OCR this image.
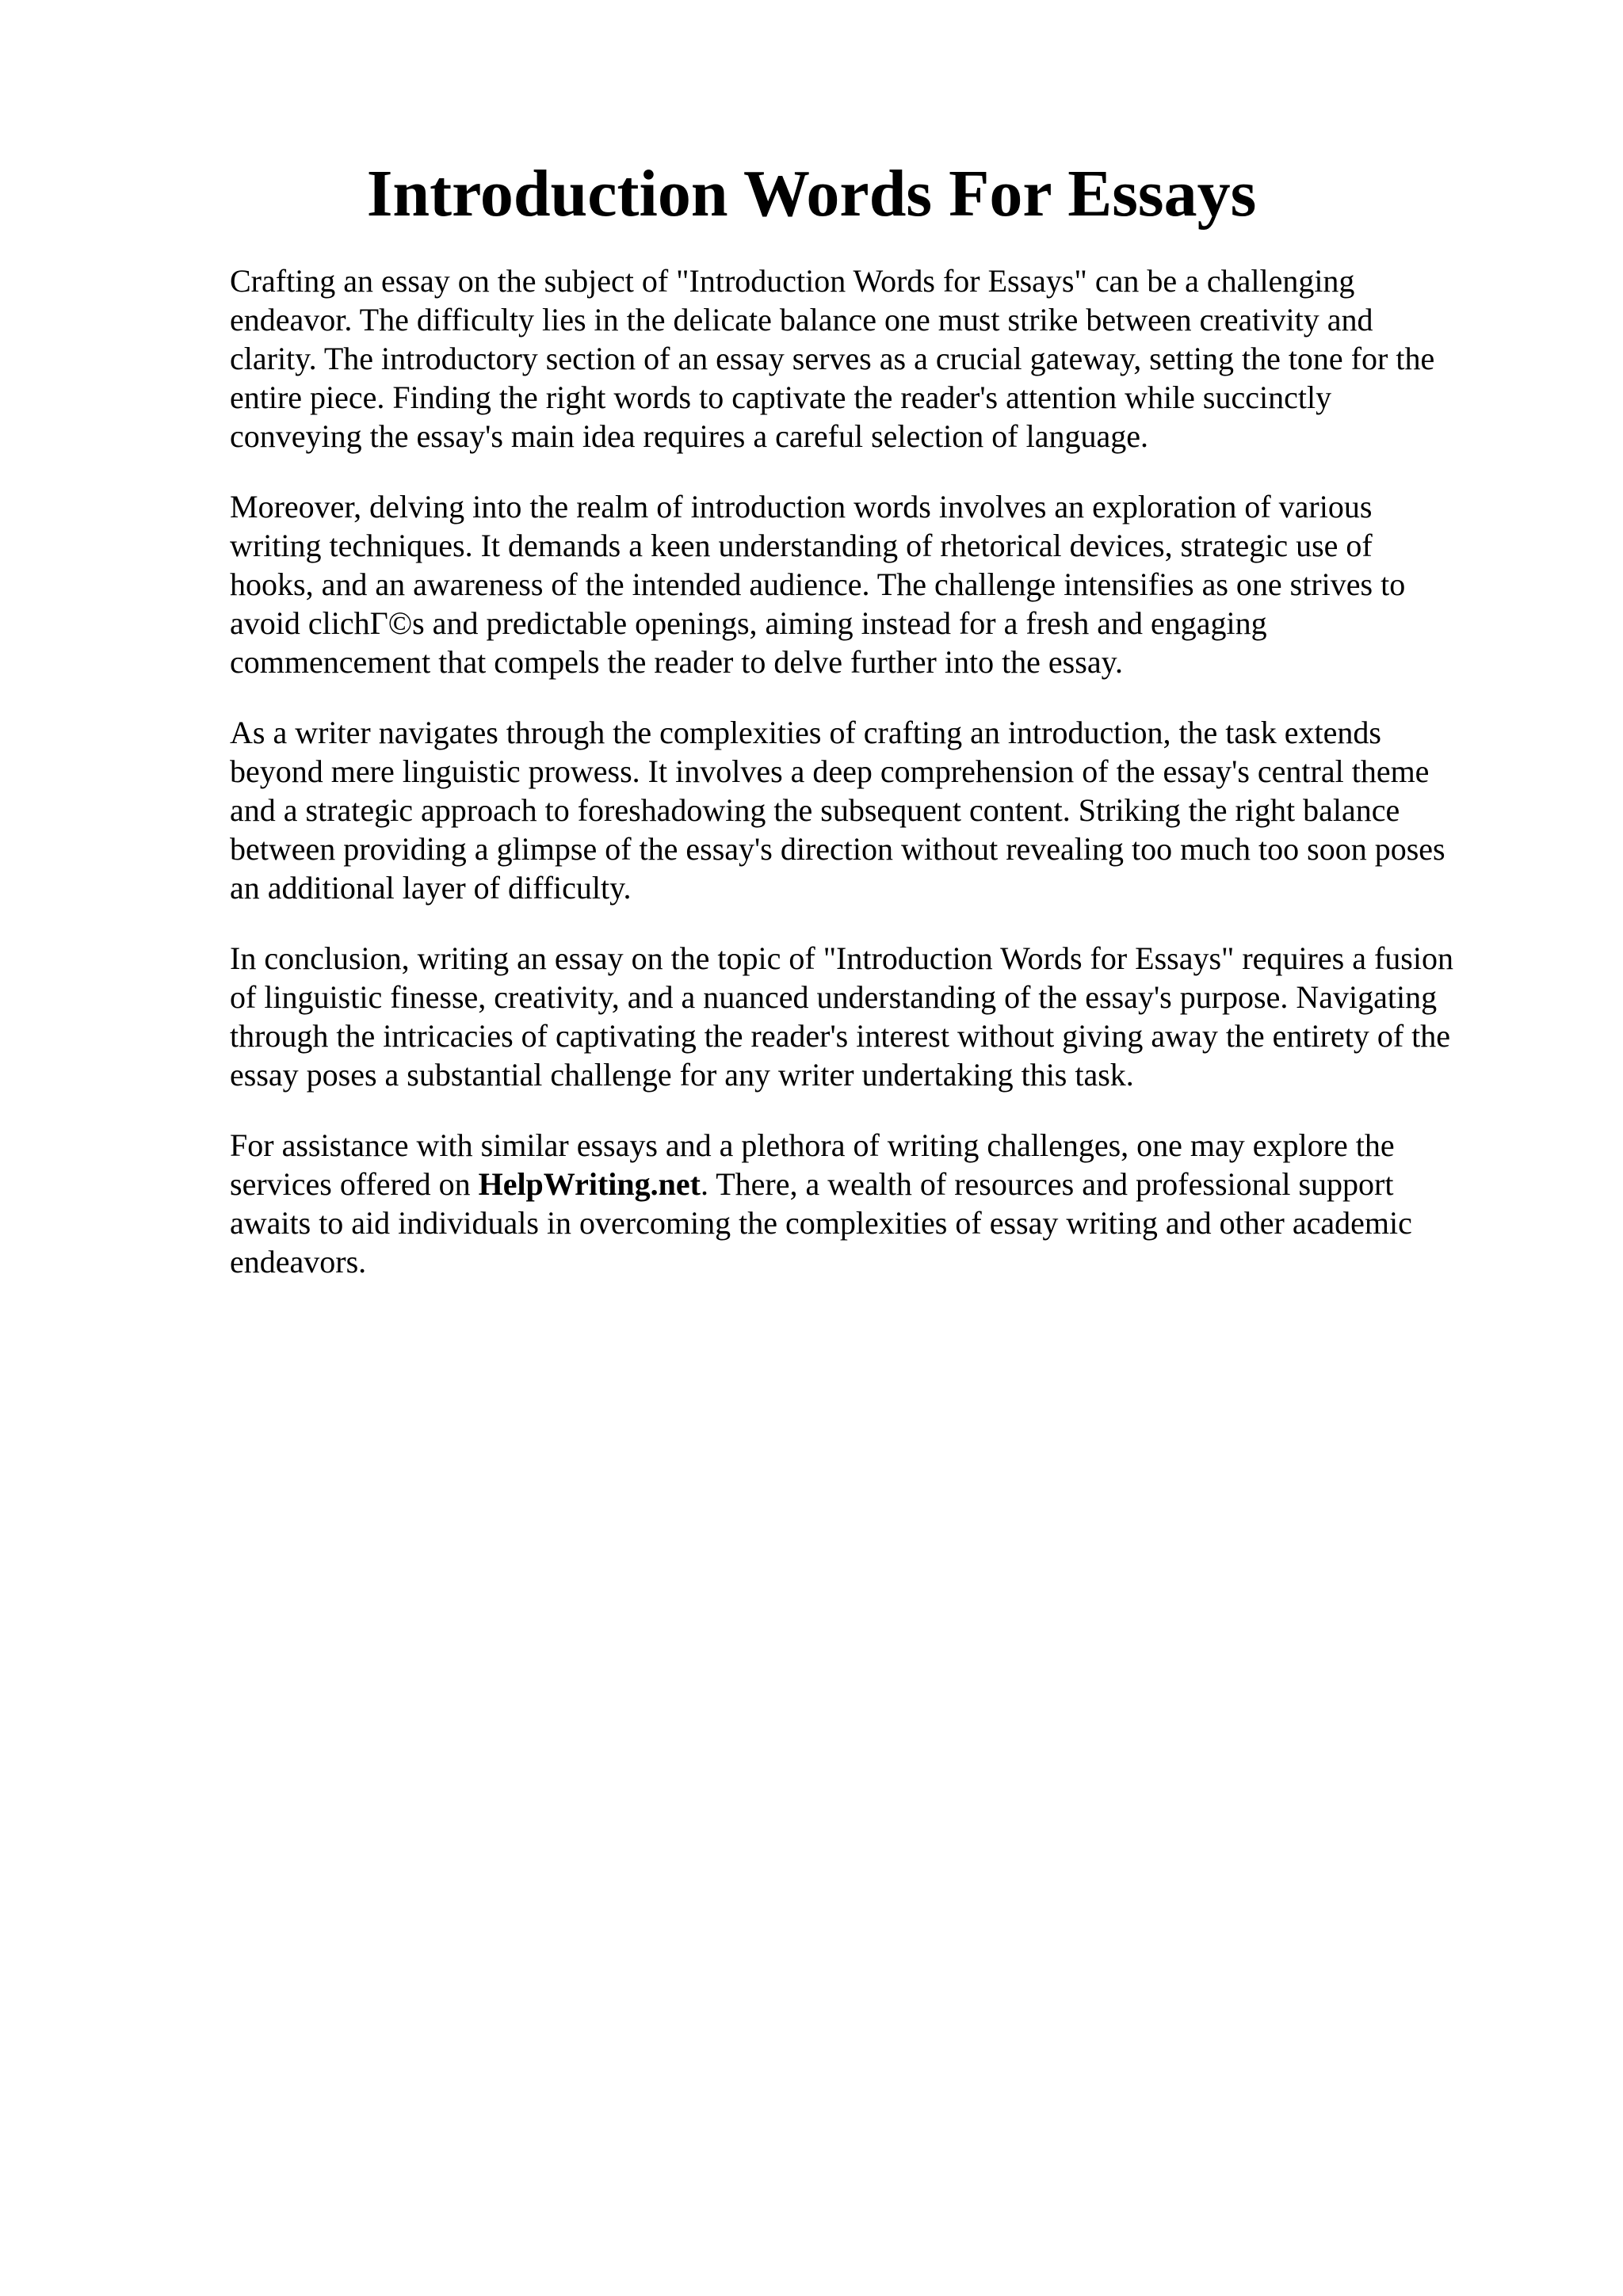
Introduction Words For Essays

Crafting an essay on the subject of "Introduction Words for Essays" can be a challenging
endeavor. The difficulty lies in the delicate balance one must strike between creativity and
clarity. The introductory section of an essay serves as a crucial gateway, setting the tone for the
entire piece. Finding the right words to captivate the reader's attention while succinctly
conveying the essay's main idea requires a careful selection of language.

Moreover, delving into the realm of introduction words involves an exploration of various
writing techniques. It demands a keen understanding of rhetorical devices, strategic use of
hooks, and an awareness of the intended audience. The challenge intensifies as one strives to
avoid clichΓ©s and predictable openings, aiming instead for a fresh and engaging
commencement that compels the reader to delve further into the essay.

As a writer navigates through the complexities of crafting an introduction, the task extends
beyond mere linguistic prowess. It involves a deep comprehension of the essay's central theme
and a strategic approach to foreshadowing the subsequent content. Striking the right balance
between providing a glimpse of the essay's direction without revealing too much too soon poses
an additional layer of difficulty.

In conclusion, writing an essay on the topic of "Introduction Words for Essays" requires a fusion
of linguistic finesse, creativity, and a nuanced understanding of the essay's purpose. Navigating
through the intricacies of captivating the reader's interest without giving away the entirety of the
essay poses a substantial challenge for any writer undertaking this task.

For assistance with similar essays and a plethora of writing challenges, one may explore the
services offered on HelpWriting.net. There, a wealth of resources and professional support
awaits to aid individuals in overcoming the complexities of essay writing and other academic
endeavors.
